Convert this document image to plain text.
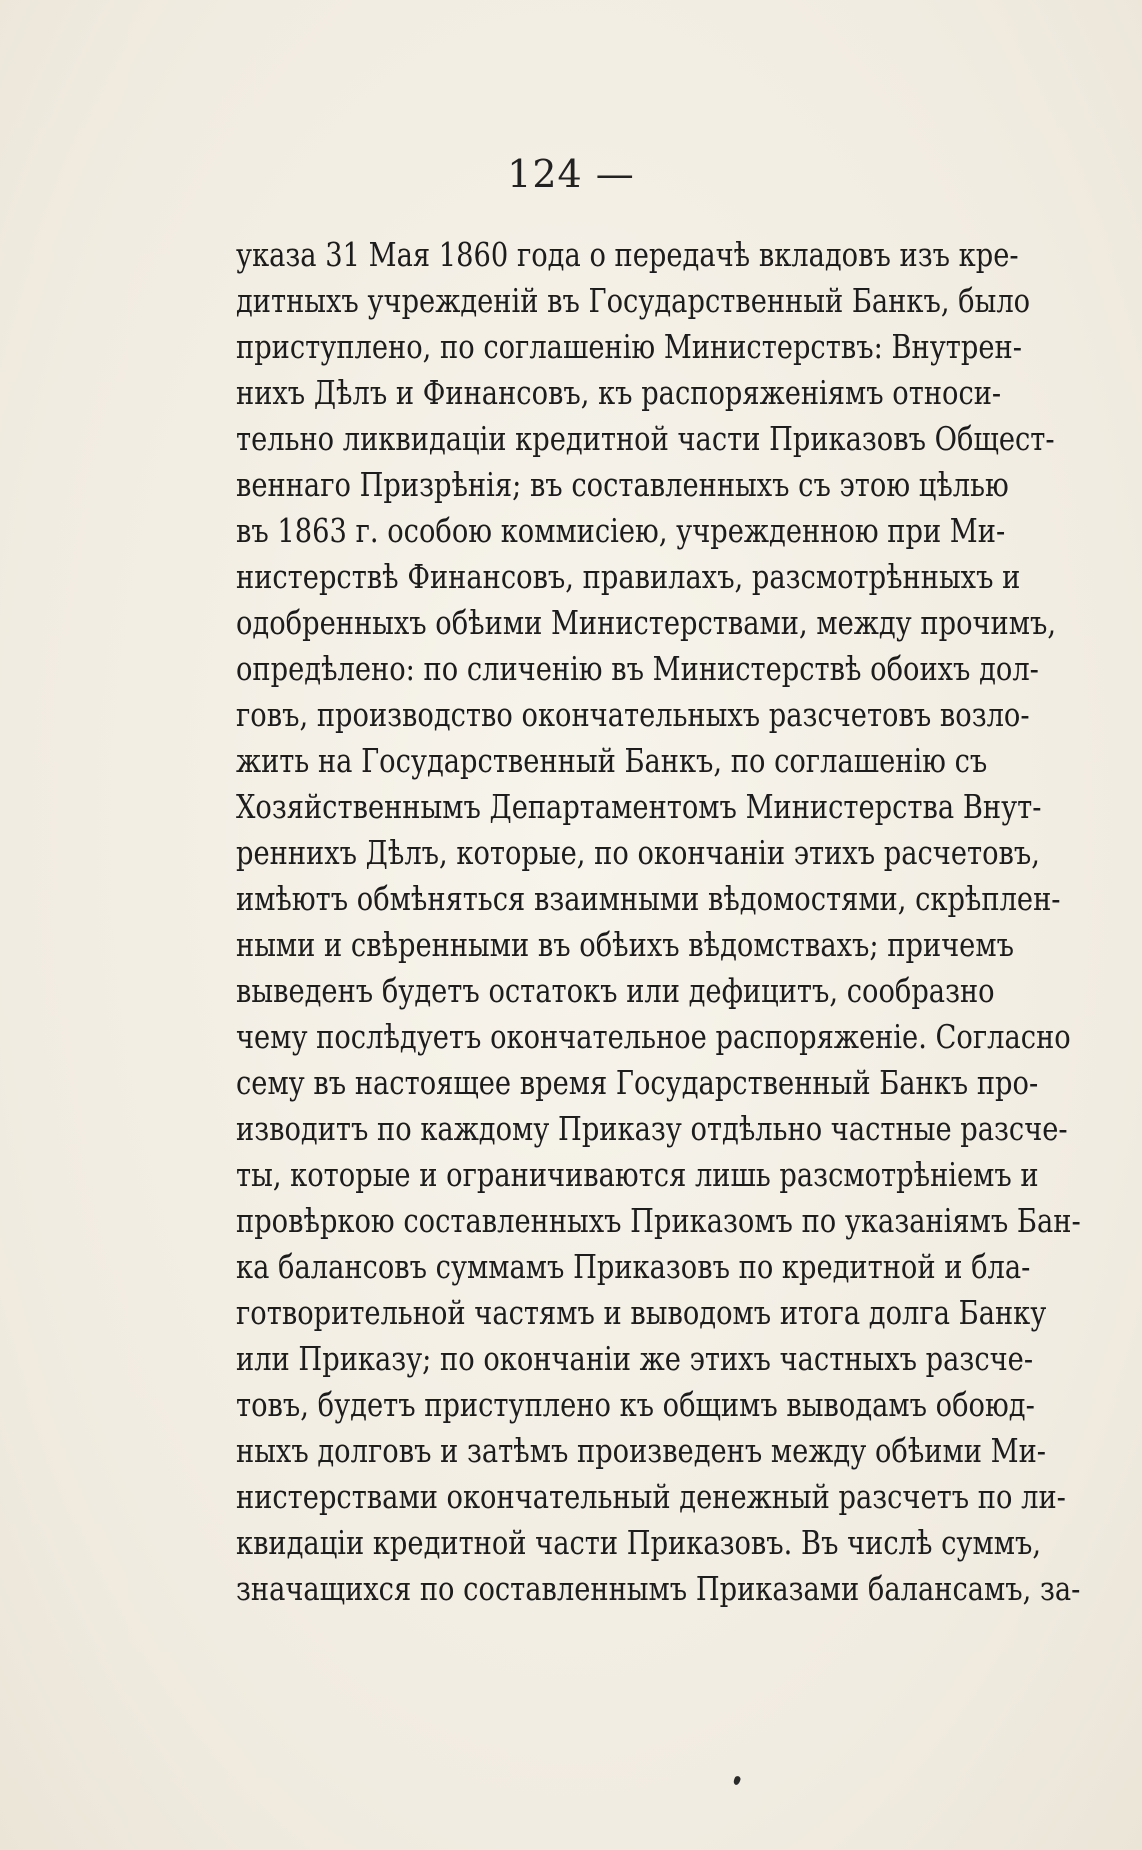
124 —
указа 31 Мая 1860 года о передачѣ вкладовъ изъ кре-
дитныхъ учрежденій въ Государственный Банкъ, было
приступлено, по соглашенію Министерствъ: Внутрен-
нихъ Дѣлъ и Финансовъ, къ распоряженіямъ относи-
тельно ликвидаціи кредитной части Приказовъ Общест-
веннаго Призрѣнія; въ составленныхъ съ этою цѣлью
въ 1863 г. особою коммисіею, учрежденною при Ми-
нистерствѣ Финансовъ, правилахъ, разсмотрѣнныхъ и
одобренныхъ обѣими Министерствами, между прочимъ,
опредѣлено: по сличенію въ Министерствѣ обоихъ дол-
говъ, производство окончательныхъ разсчетовъ возло-
жить на Государственный Банкъ, по соглашенію съ
Хозяйственнымъ Департаментомъ Министерства Внут-
реннихъ Дѣлъ, которые, по окончаніи этихъ расчетовъ,
имѣютъ обмѣняться взаимными вѣдомостями, скрѣплен-
ными и свѣренными въ обѣихъ вѣдомствахъ; причемъ
выведенъ будетъ остатокъ или дефицитъ, сообразно
чему послѣдуетъ окончательное распоряженіе. Согласно
сему въ настоящее время Государственный Банкъ про-
изводитъ по каждому Приказу отдѣльно частные разсче-
ты, которые и ограничиваются лишь разсмотрѣніемъ и
провѣркою составленныхъ Приказомъ по указаніямъ Бан-
ка балансовъ суммамъ Приказовъ по кредитной и бла-
готворительной частямъ и выводомъ итога долга Банку
или Приказу; по окончаніи же этихъ частныхъ разсче-
товъ, будетъ приступлено къ общимъ выводамъ обоюд-
ныхъ долговъ и затѣмъ произведенъ между обѣими Ми-
нистерствами окончательный денежный разсчетъ по ли-
квидаціи кредитной части Приказовъ. Въ числѣ суммъ,
значащихся по составленнымъ Приказами балансамъ, за-
